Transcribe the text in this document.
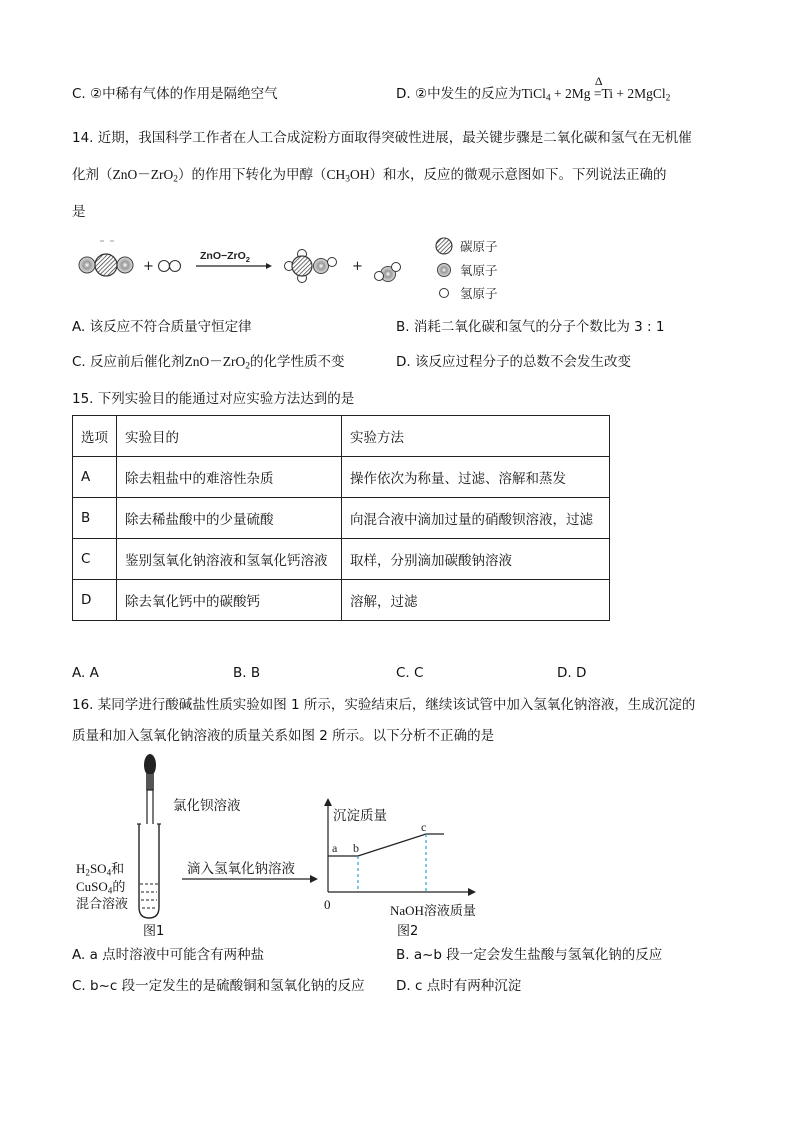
C. ②中稀有气体的作用是隔绝空气	D. ②中发生的反应为TiCl$_4$ + 2Mg
Δ
=Ti + 2MgCl$_2$
14. 近期，我国科学工作者在人工合成淀粉方面取得突破性进展，最关键步骤是二氧化碳和氢气在无机催
化剂（ZnO－ZrO$_2$）的作用下转化为甲醇$(CH_3OH)$和水，反应的微观示意图如下。下列说法正确的
是
+
ZnO−ZrO$_2$	+
碳原子
氧原子
氢原子
A. 该反应不符合质量守恒定律	B. 消耗二氧化碳和氢气的分子个数比为 3 : 1
C. 反应前后催化剂ZnO－ZrO$_2$的化学性质不变	D. 该反应过程分子的总数不会发生改变
15. 下列实验目的能通过对应实验方法达到的是
选项	实验目的	实验方法
A	除去粗盐中的难溶性杂质	操作依次为称量、过滤、溶解和蒸发
B	除去稀盐酸中的少量硫酸	向混合液中滴加过量的硝酸钡溶液，过滤
C	鉴别氢氧化钠溶液和氢氧化钙溶液	取样，分别滴加碳酸钠溶液
D	除去氧化钙中的碳酸钙	溶解，过滤
A. A	B. B	C. C	D. D
16. 某同学进行酸碱盐性质实验如图 1 所示，实验结束后，继续该试管中加入氢氧化钠溶液，生成沉淀的
质量和加入氢氧化钠溶液的质量关系如图 2 所示。以下分析不正确的是
氯化钡溶液
$H_2SO_4$和
CuSO$_4$的
混合溶液
图1
滴入氢氧化钠溶液
a b
c
沉淀质量
0	NaOH溶液质量
图2
A. a 点时溶液中可能含有两种盐	B. a~b 段一定会发生盐酸与氢氧化钠的反应
C. b~c 段一定发生的是硫酸铜和氢氧化钠的反应 D. c 点时有两种沉淀
